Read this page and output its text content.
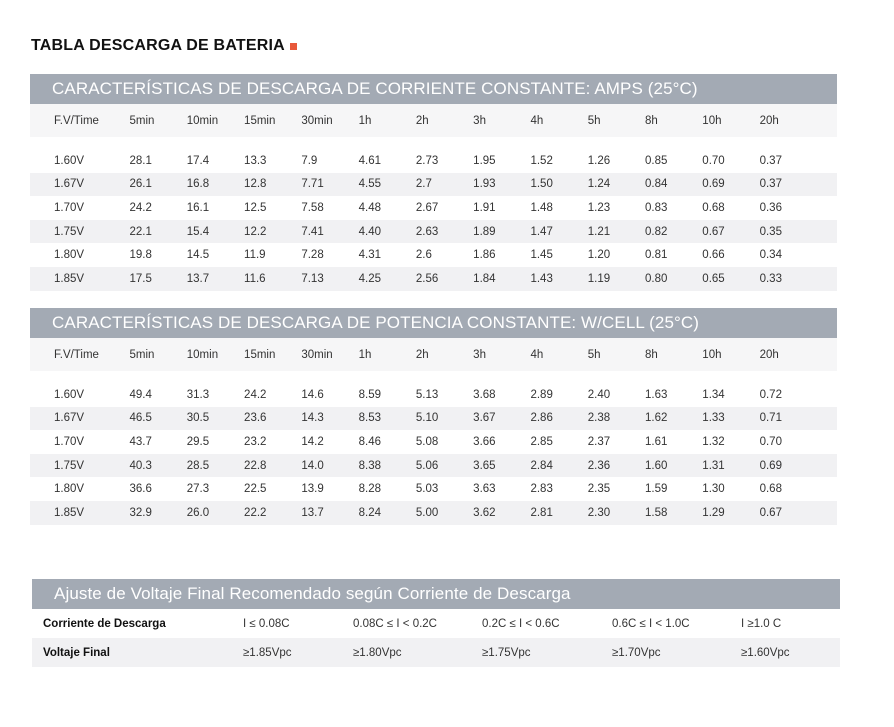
TABLA DESCARGA DE BATERIA
CARACTERÍSTICAS DE DESCARGA DE CORRIENTE CONSTANTE: AMPS (25°C)
F.V/Time	5min	10min	15min	30min	1h	2h	3h	4h	5h	8h	10h	20h

1.60V	28.1	17.4	13.3	7.9	4.61	2.73	1.95	1.52	1.26	0.85	0.70	0.37
1.67V	26.1	16.8	12.8	7.71	4.55	2.7	1.93	1.50	1.24	0.84	0.69	0.37
1.70V	24.2	16.1	12.5	7.58	4.48	2.67	1.91	1.48	1.23	0.83	0.68	0.36
1.75V	22.1	15.4	12.2	7.41	4.40	2.63	1.89	1.47	1.21	0.82	0.67	0.35
1.80V	19.8	14.5	11.9	7.28	4.31	2.6	1.86	1.45	1.20	0.81	0.66	0.34
1.85V	17.5	13.7	11.6	7.13	4.25	2.56	1.84	1.43	1.19	0.80	0.65	0.33
CARACTERÍSTICAS DE DESCARGA DE POTENCIA CONSTANTE: W/CELL (25°C)
F.V/Time	5min	10min	15min	30min	1h	2h	3h	4h	5h	8h	10h	20h

1.60V	49.4	31.3	24.2	14.6	8.59	5.13	3.68	2.89	2.40	1.63	1.34	0.72
1.67V	46.5	30.5	23.6	14.3	8.53	5.10	3.67	2.86	2.38	1.62	1.33	0.71
1.70V	43.7	29.5	23.2	14.2	8.46	5.08	3.66	2.85	2.37	1.61	1.32	0.70
1.75V	40.3	28.5	22.8	14.0	8.38	5.06	3.65	2.84	2.36	1.60	1.31	0.69
1.80V	36.6	27.3	22.5	13.9	8.28	5.03	3.63	2.83	2.35	1.59	1.30	0.68
1.85V	32.9	26.0	22.2	13.7	8.24	5.00	3.62	2.81	2.30	1.58	1.29	0.67
Ajuste de Voltaje Final Recomendado según Corriente de Descarga
Corriente de Descarga	I ≤ 0.08C	0.08C ≤ I < 0.2C	0.2C ≤ I < 0.6C	0.6C ≤ I < 1.0C	I ≥1.0 C
Voltaje Final	≥1.85Vpc	≥1.80Vpc	≥1.75Vpc	≥1.70Vpc	≥1.60Vpc
